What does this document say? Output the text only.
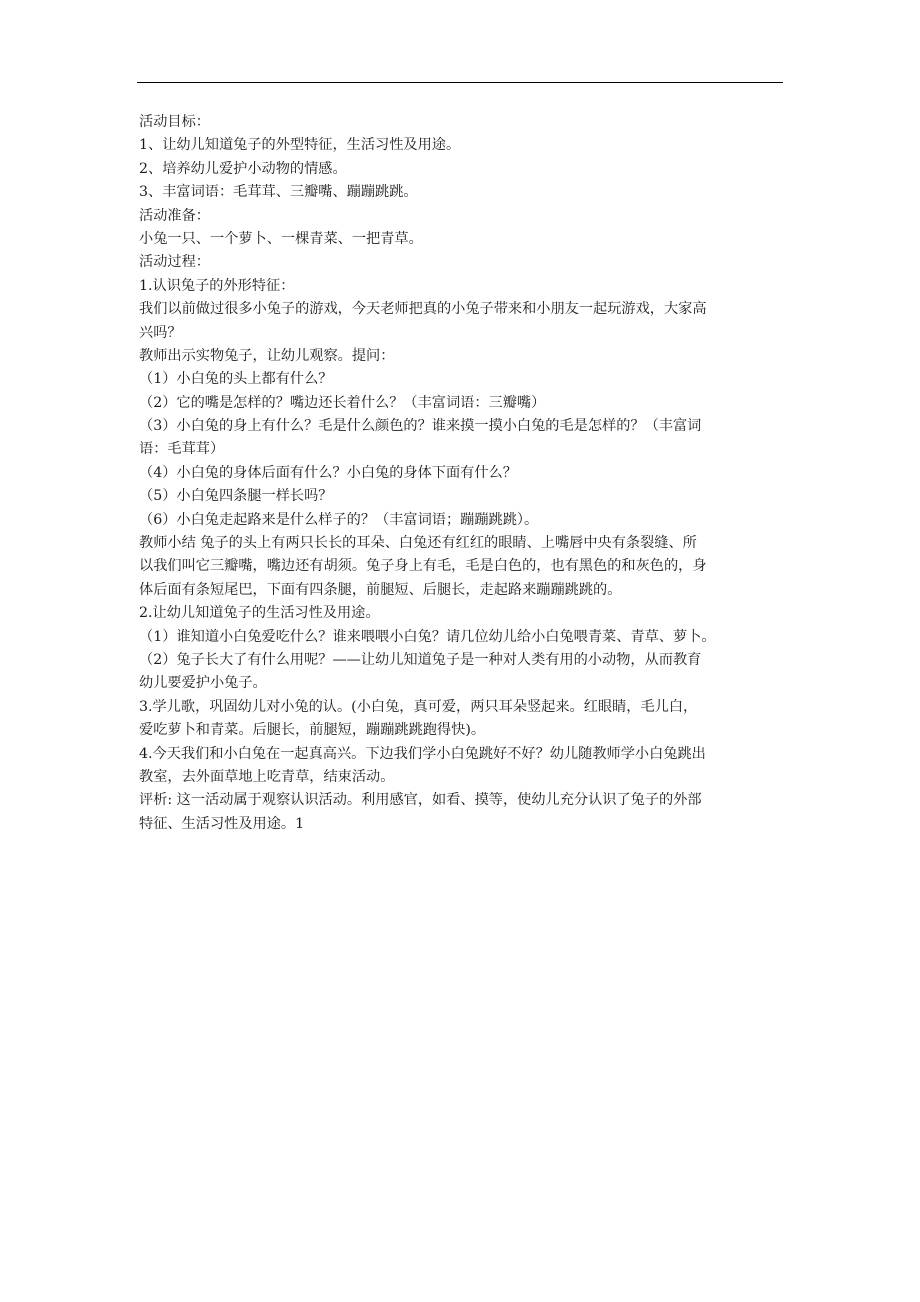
活动目标：
1、让幼儿知道兔子的外型特征，生活习性及用途。
2、培养幼儿爱护小动物的情感。
3、丰富词语：毛茸茸、三瓣嘴、蹦蹦跳跳。
活动准备：
小兔一只、一个萝卜、一棵青菜、一把青草。
活动过程：
1.认识兔子的外形特征：
我们以前做过很多小兔子的游戏，今天老师把真的小兔子带来和小朋友一起玩游戏，大家高
兴吗？
教师出示实物兔子，让幼儿观察。提问：
（1）小白兔的头上都有什么？
（2）它的嘴是怎样的？嘴边还长着什么？（丰富词语：三瓣嘴）
（3）小白兔的身上有什么？毛是什么颜色的？谁来摸一摸小白兔的毛是怎样的？（丰富词
语：毛茸茸）
（4）小白兔的身体后面有什么？小白兔的身体下面有什么？
（5）小白兔四条腿一样长吗？
（6）小白兔走起路来是什么样子的？（丰富词语；蹦蹦跳跳）。
教师小结 兔子的头上有两只长长的耳朵、白兔还有红红的眼睛、上嘴唇中央有条裂缝、所
以我们叫它三瓣嘴，嘴边还有胡须。兔子身上有毛，毛是白色的，也有黑色的和灰色的，身
体后面有条短尾巴，下面有四条腿，前腿短、后腿长，走起路来蹦蹦跳跳的。
2.让幼儿知道兔子的生活习性及用途。
（1）谁知道小白兔爱吃什么？谁来喂喂小白兔？请几位幼儿给小白兔喂青菜、青草、萝卜。
（2）兔子长大了有什么用呢？——让幼儿知道兔子是一种对人类有用的小动物，从而教育
幼儿要爱护小兔子。
3.学儿歌，巩固幼儿对小兔的认。(小白兔，真可爱，两只耳朵竖起来。红眼睛，毛儿白，
爱吃萝卜和青菜。后腿长，前腿短，蹦蹦跳跳跑得快)。
4.今天我们和小白兔在一起真高兴。下边我们学小白兔跳好不好？幼儿随教师学小白兔跳出
教室，去外面草地上吃青草，结束活动。
评析: 这一活动属于观察认识活动。利用感官，如看、摸等，使幼儿充分认识了兔子的外部
特征、生活习性及用途。1
